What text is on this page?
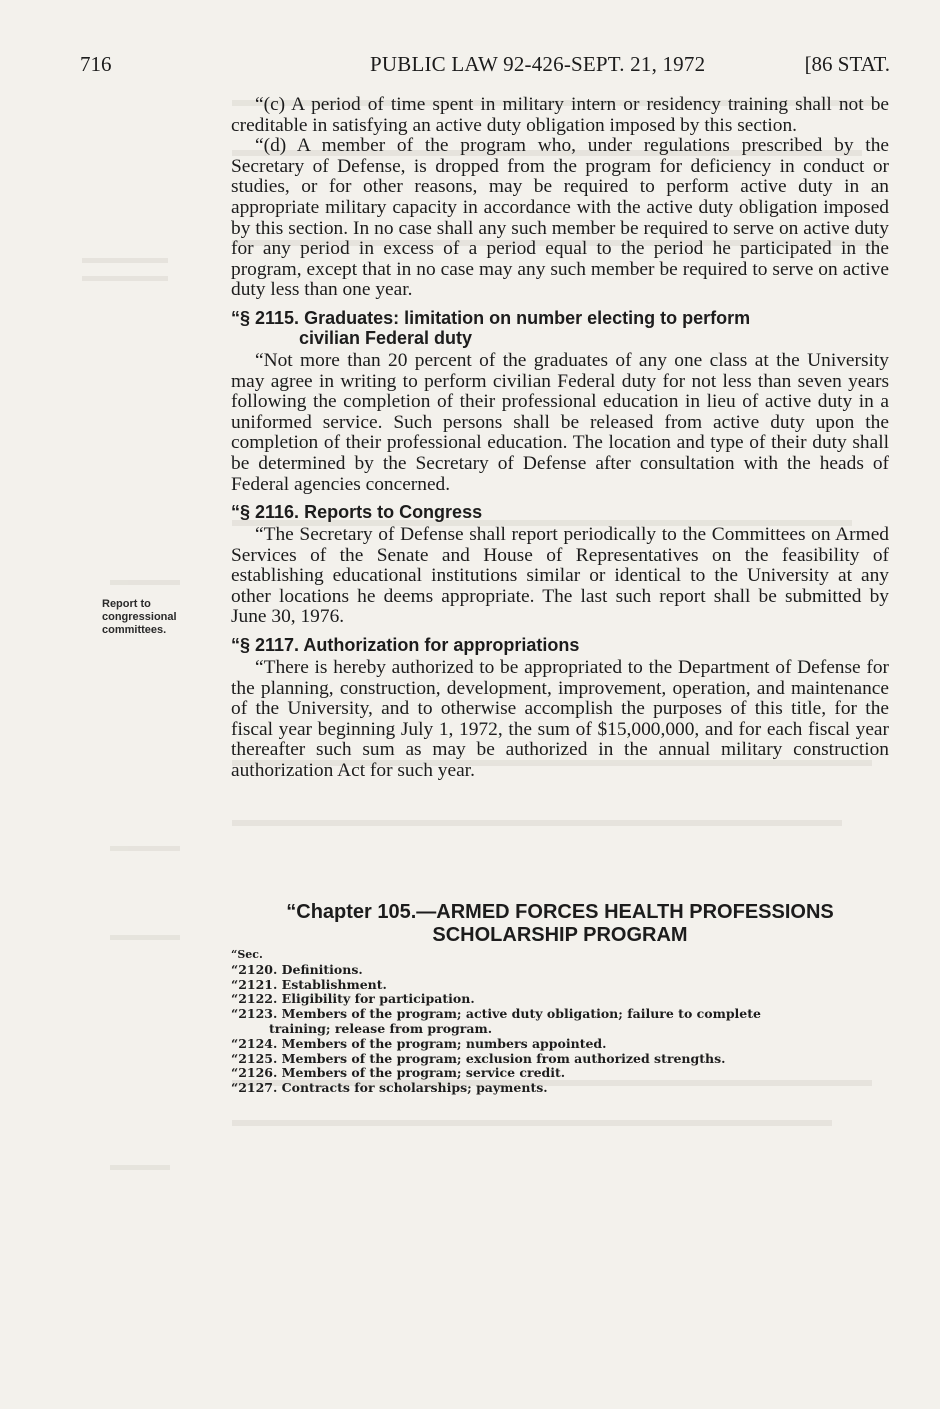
716	PUBLIC LAW 92-426-SEPT. 21, 1972	[86 STAT.

“(c) A period of time spent in military intern or residency training shall not be creditable in satisfying an active duty obligation imposed by this section.

“(d) A member of the program who, under regulations prescribed by the Secretary of Defense, is dropped from the program for deficiency in conduct or studies, or for other reasons, may be required to perform active duty in an appropriate military capacity in accordance with the active duty obligation imposed by this section. In no case shall any such member be required to serve on active duty for any period in excess of a period equal to the period he participated in the program, except that in no case may any such member be required to serve on active duty less than one year.

“§ 2115. Graduates: limitation on number electing to perform
civilian Federal duty

“Not more than 20 percent of the graduates of any one class at the University may agree in writing to perform civilian Federal duty for not less than seven years following the completion of their professional education in lieu of active duty in a uniformed service. Such persons shall be released from active duty upon the completion of their professional education. The location and type of their duty shall be determined by the Secretary of Defense after consultation with the heads of Federal agencies concerned.

“§ 2116. Reports to Congress

“The Secretary of Defense shall report periodically to the Committees on Armed Services of the Senate and House of Representatives on the feasibility of establishing educational institutions similar or identical to the University at any other locations he deems appropriate. The last such report shall be submitted by June 30, 1976.

“§ 2117. Authorization for appropriations

“There is hereby authorized to be appropriated to the Department of Defense for the planning, construction, development, improvement, operation, and maintenance of the University, and to otherwise accomplish the purposes of this title, for the fiscal year beginning July 1, 1972, the sum of $15,000,000, and for each fiscal year thereafter such sum as may be authorized in the annual military construction authorization Act for such year.

Report to congressional committees.
“Chapter 105.—ARMED FORCES HEALTH PROFESSIONS
SCHOLARSHIP PROGRAM
“Sec.
“2120. Definitions.
“2121. Establishment.
“2122. Eligibility for participation.
“2123. Members of the program; active duty obligation; failure to complete
training; release from program.
“2124. Members of the program; numbers appointed.
“2125. Members of the program; exclusion from authorized strengths.
“2126. Members of the program; service credit.
“2127. Contracts for scholarships; payments.
